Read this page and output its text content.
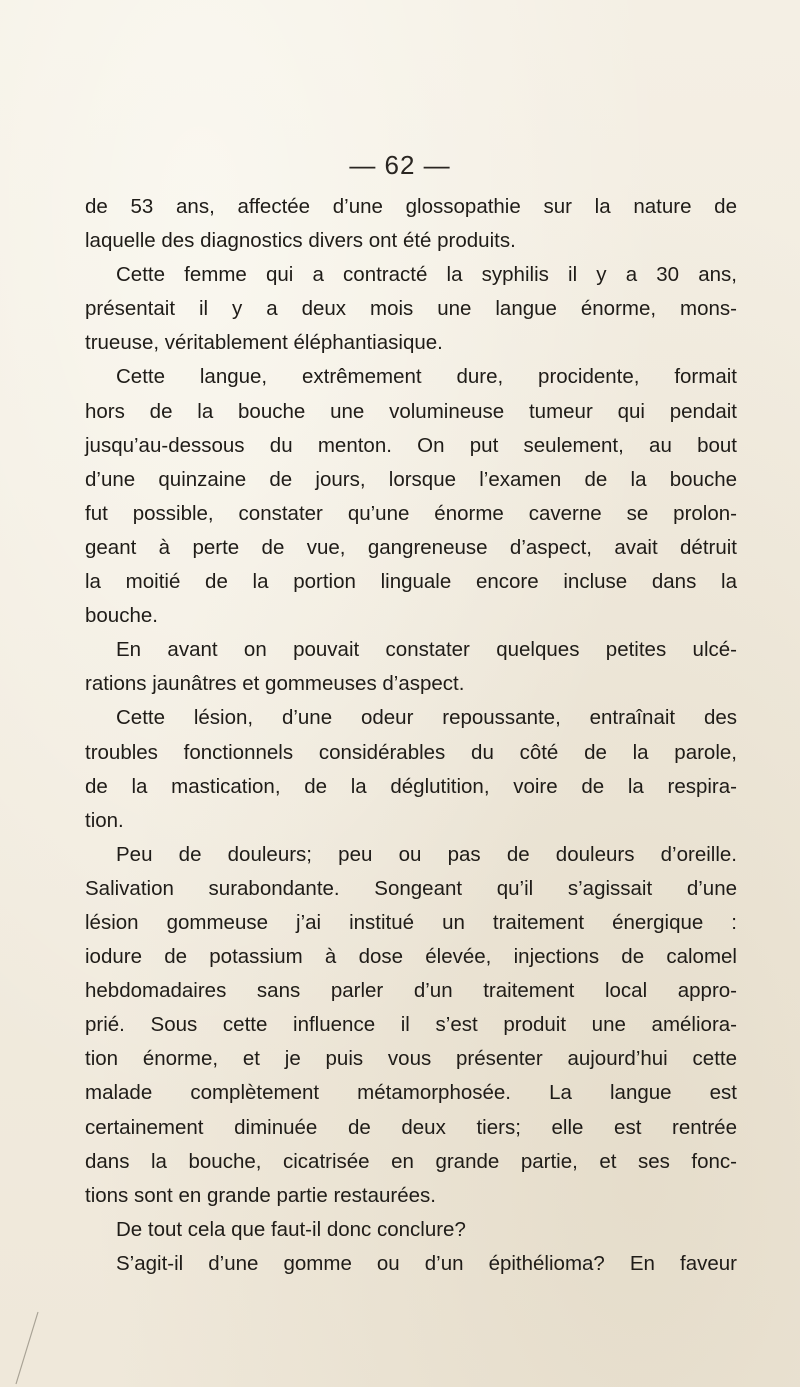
— 62 —
de 53 ans, affectée d’une glossopathie sur la nature de
laquelle des diagnostics divers ont été produits.
Cette femme qui a contracté la syphilis il y a 30 ans,
présentait il y a deux mois une langue énorme, mons-
trueuse, véritablement éléphantiasique.
Cette langue, extrêmement dure, procidente, formait
hors de la bouche une volumineuse tumeur qui pendait
jusqu’au-dessous du menton. On put seulement, au bout
d’une quinzaine de jours, lorsque l’examen de la bouche
fut possible, constater qu’une énorme caverne se prolon-
geant à perte de vue, gangreneuse d’aspect, avait détruit
la moitié de la portion linguale encore incluse dans la
bouche.
En avant on pouvait constater quelques petites ulcé-
rations jaunâtres et gommeuses d’aspect.
Cette lésion, d’une odeur repoussante, entraînait des
troubles fonctionnels considérables du côté de la parole,
de la mastication, de la déglutition, voire de la respira-
tion.
Peu de douleurs; peu ou pas de douleurs d’oreille.
Salivation surabondante. Songeant qu’il s’agissait d’une
lésion gommeuse j’ai institué un traitement énergique :
iodure de potassium à dose élevée, injections de calomel
hebdomadaires sans parler d’un traitement local appro-
prié. Sous cette influence il s’est produit une améliora-
tion énorme, et je puis vous présenter aujourd’hui cette
malade complètement métamorphosée. La langue est
certainement diminuée de deux tiers; elle est rentrée
dans la bouche, cicatrisée en grande partie, et ses fonc-
tions sont en grande partie restaurées.
De tout cela que faut-il donc conclure?
S’agit-il d’une gomme ou d’un épithélioma? En faveur
